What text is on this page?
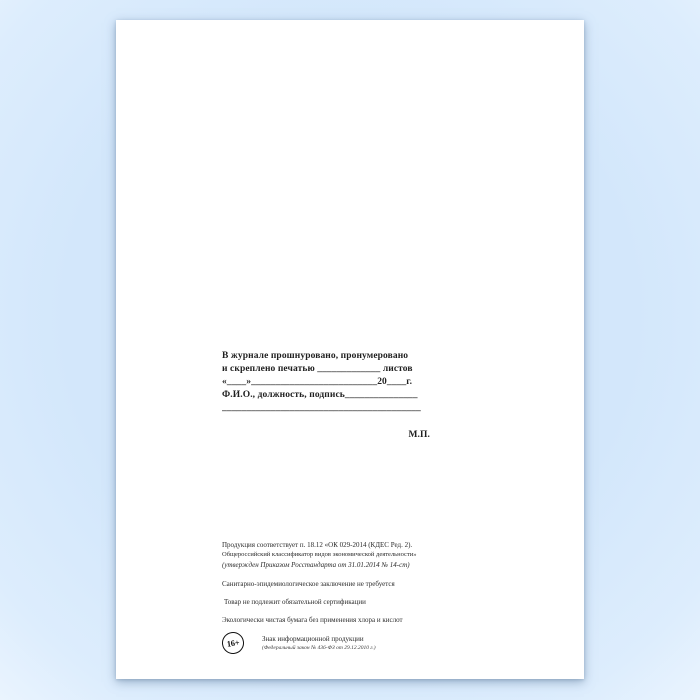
В журнале прошнуровано, пронумеровано
и скреплено печатью _____________ листов
«____»__________________________20____г.
Ф.И.О., должность, подпись_______________
_________________________________________
М.П.
Продукция соответствует п. 18.12 «ОК 029-2014 (КДЕС Ред. 2).
Общероссийский классификатор видов экономической деятельности»
(утвержден Приказом Росстандарта от 31.01.2014 № 14-ст)
Санитарно-эпидемиологическое заключение не требуется
Товар не подлежит обязательной сертификации
Экологически чистая бумага без применения хлора и кислот
16+	Знак информационной продукции
(Федеральный закон № 436-ФЗ от 29.12.2010 г.)
